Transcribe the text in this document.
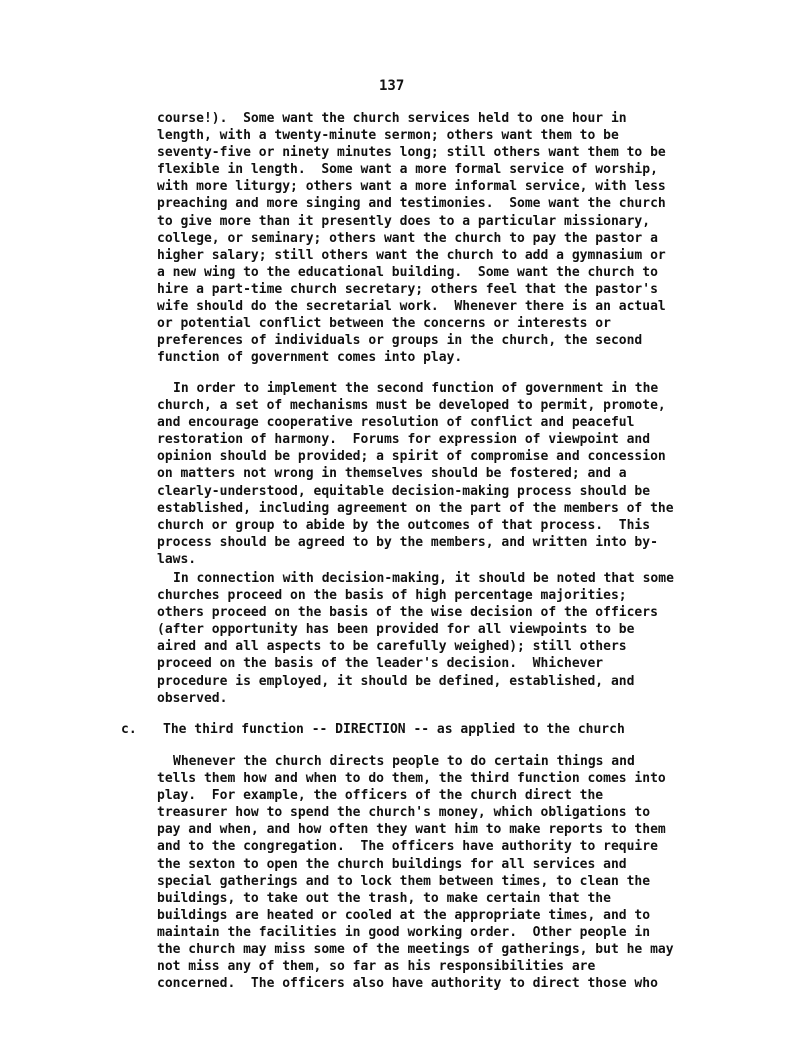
137
course!).  Some want the church services held to one hour in
length, with a twenty-minute sermon; others want them to be
seventy-five or ninety minutes long; still others want them to be
flexible in length.  Some want a more formal service of worship,
with more liturgy; others want a more informal service, with less
preaching and more singing and testimonies.  Some want the church
to give more than it presently does to a particular missionary,
college, or seminary; others want the church to pay the pastor a
higher salary; still others want the church to add a gymnasium or
a new wing to the educational building.  Some want the church to
hire a part-time church secretary; others feel that the pastor's
wife should do the secretarial work.  Whenever there is an actual
or potential conflict between the concerns or interests or
preferences of individuals or groups in the church, the second
function of government comes into play.
In order to implement the second function of government in the
church, a set of mechanisms must be developed to permit, promote,
and encourage cooperative resolution of conflict and peaceful
restoration of harmony.  Forums for expression of viewpoint and
opinion should be provided; a spirit of compromise and concession
on matters not wrong in themselves should be fostered; and a
clearly-understood, equitable decision-making process should be
established, including agreement on the part of the members of the
church or group to abide by the outcomes of that process.  This
process should be agreed to by the members, and written into by-
laws.
In connection with decision-making, it should be noted that some
churches proceed on the basis of high percentage majorities;
others proceed on the basis of the wise decision of the officers
(after opportunity has been provided for all viewpoints to be
aired and all aspects to be carefully weighed); still others
proceed on the basis of the leader's decision.  Whichever
procedure is employed, it should be defined, established, and
observed.
c. The third function -- DIRECTION -- as applied to the church
Whenever the church directs people to do certain things and
tells them how and when to do them, the third function comes into
play.  For example, the officers of the church direct the
treasurer how to spend the church's money, which obligations to
pay and when, and how often they want him to make reports to them
and to the congregation.  The officers have authority to require
the sexton to open the church buildings for all services and
special gatherings and to lock them between times, to clean the
buildings, to take out the trash, to make certain that the
buildings are heated or cooled at the appropriate times, and to
maintain the facilities in good working order.  Other people in
the church may miss some of the meetings of gatherings, but he may
not miss any of them, so far as his responsibilities are
concerned.  The officers also have authority to direct those who
